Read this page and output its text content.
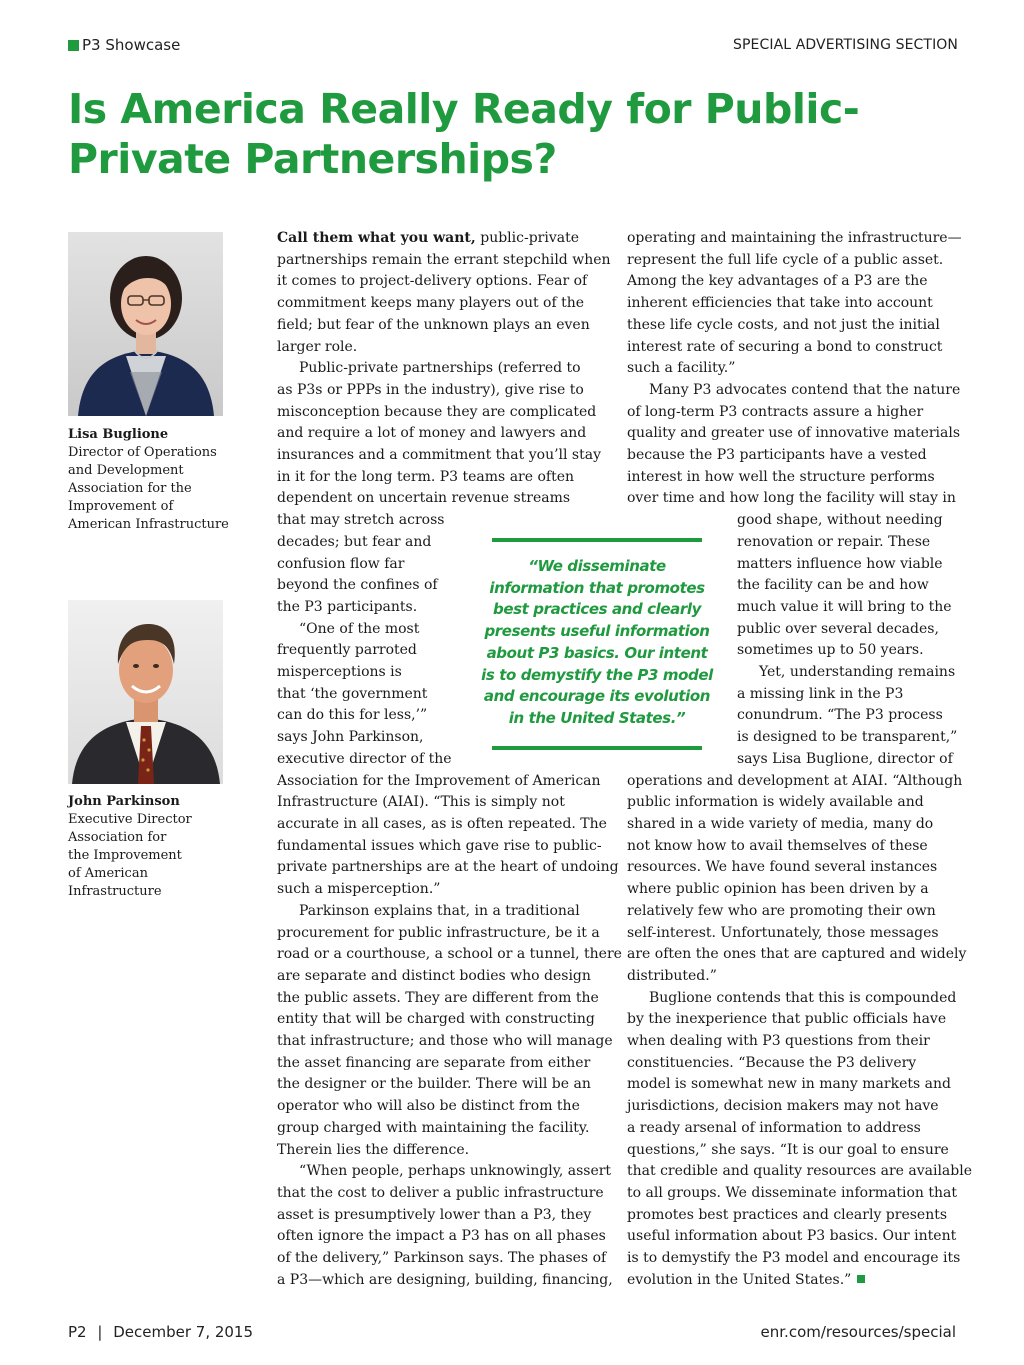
P3 Showcase	SPECIAL ADVERTISING SECTION
Is America Really Ready for Public-
Private Partnerships?
Lisa Buglione
Director of Operations
and Development
Association for the
Improvement of
American Infrastructure
John Parkinson
Executive Director
Association for
the Improvement
of American
Infrastructure
Call them what you want, public-private
partnerships remain the errant stepchild when
it comes to project-delivery options. Fear of
commitment keeps many players out of the
field; but fear of the unknown plays an even
larger role.
Public-private partnerships (referred to
as P3s or PPPs in the industry), give rise to
misconception because they are complicated
and require a lot of money and lawyers and
insurances and a commitment that you’ll stay
in it for the long term. P3 teams are often
dependent on uncertain revenue streams
that may stretch across
decades; but fear and
confusion flow far
beyond the confines of
the P3 participants.
“One of the most
frequently parroted
misperceptions is
that ‘the government
can do this for less,’”
says John Parkinson,
executive director of the
Association for the Improvement of American
Infrastructure (AIAI). “This is simply not
accurate in all cases, as is often repeated. The
fundamental issues which gave rise to public-
private partnerships are at the heart of undoing
such a misperception.”
Parkinson explains that, in a traditional
procurement for public infrastructure, be it a
road or a courthouse, a school or a tunnel, there
are separate and distinct bodies who design
the public assets. They are different from the
entity that will be charged with constructing
that infrastructure; and those who will manage
the asset financing are separate from either
the designer or the builder. There will be an
operator who will also be distinct from the
group charged with maintaining the facility.
Therein lies the difference.
“When people, perhaps unknowingly, assert
that the cost to deliver a public infrastructure
asset is presumptively lower than a P3, they
often ignore the impact a P3 has on all phases
of the delivery,” Parkinson says. The phases of
a P3—which are designing, building, financing,
operating and maintaining the infrastructure—
represent the full life cycle of a public asset.
Among the key advantages of a P3 are the
inherent efficiencies that take into account
these life cycle costs, and not just the initial
interest rate of securing a bond to construct
such a facility.”
Many P3 advocates contend that the nature
of long-term P3 contracts assure a higher
quality and greater use of innovative materials
because the P3 participants have a vested
interest in how well the structure performs
over time and how long the facility will stay in
good shape, without needing
renovation or repair. These
matters influence how viable
the facility can be and how
much value it will bring to the
public over several decades,
sometimes up to 50 years.
Yet, understanding remains
a missing link in the P3
conundrum. “The P3 process
is designed to be transparent,”
says Lisa Buglione, director of
operations and development at AIAI. “Although
public information is widely available and
shared in a wide variety of media, many do
not know how to avail themselves of these
resources. We have found several instances
where public opinion has been driven by a
relatively few who are promoting their own
self-interest. Unfortunately, those messages
are often the ones that are captured and widely
distributed.”
Buglione contends that this is compounded
by the inexperience that public officials have
when dealing with P3 questions from their
constituencies. “Because the P3 delivery
model is somewhat new in many markets and
jurisdictions, decision makers may not have
a ready arsenal of information to address
questions,” she says. “It is our goal to ensure
that credible and quality resources are available
to all groups. We disseminate information that
promotes best practices and clearly presents
useful information about P3 basics. Our intent
is to demystify the P3 model and encourage its
evolution in the United States.”
“We disseminate
information that promotes
best practices and clearly
presents useful information
about P3 basics. Our intent
is to demystify the P3 model
and encourage its evolution
in the United States.”
P2 | December 7, 2015	enr.com/resources/special
